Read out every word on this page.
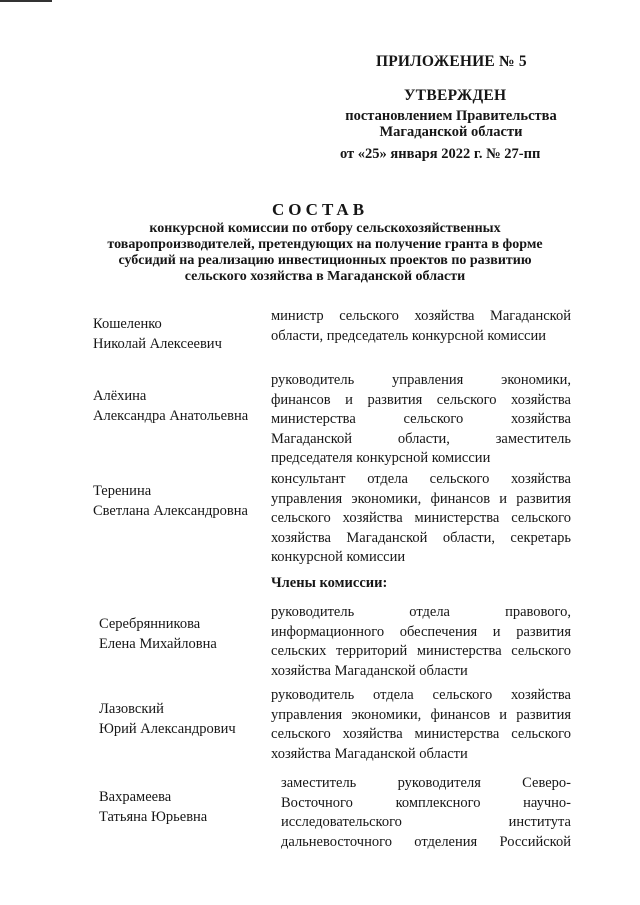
ПРИЛОЖЕНИЕ № 5
УТВЕРЖДЕН
постановлением Правительства
Магаданской области
от «25» января 2022 г. № 27-пп
СОСТАВ
конкурсной комиссии по отбору сельскохозяйственных
товаропроизводителей, претендующих на получение гранта в форме
субсидий на реализацию инвестиционных проектов по развитию
сельского хозяйства в Магаданской области
Кошеленко
Николай Алексеевич
министр сельского хозяйства Магаданской
области, председатель конкурсной комиссии
Алёхина
Александра Анатольевна
руководитель управления экономики,
финансов и развития сельского хозяйства
министерства сельского хозяйства
Магаданской области, заместитель
председателя конкурсной комиссии
Теренина
Светлана Александровна
консультант отдела сельского хозяйства
управления экономики, финансов и развития
сельского хозяйства министерства сельского
хозяйства Магаданской области, секретарь
конкурсной комиссии
Члены комиссии:
Серебрянникова
Елена Михайловна
руководитель отдела правового,
информационного обеспечения и развития
сельских территорий министерства сельского
хозяйства Магаданской области
Лазовский
Юрий Александрович
руководитель отдела сельского хозяйства
управления экономики, финансов и развития
сельского хозяйства министерства сельского
хозяйства Магаданской области
Вахрамеева
Татьяна Юрьевна
заместитель руководителя Северо-
Восточного комплексного научно-
исследовательского института
дальневосточного отделения Российской
